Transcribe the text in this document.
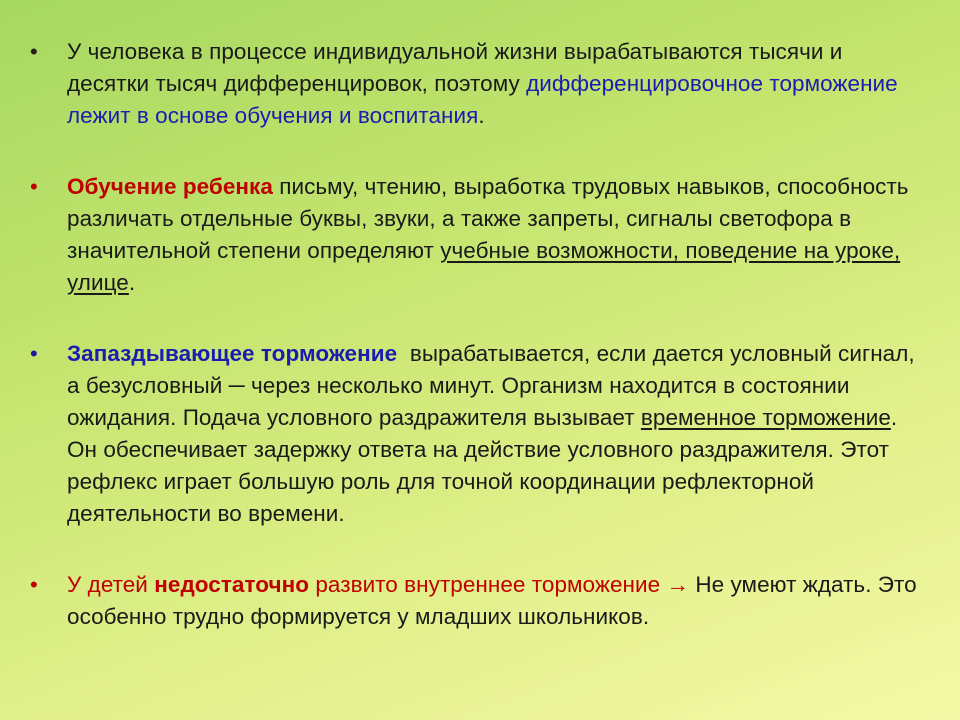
• У человека в процессе индивидуальной жизни вырабатываются тысячи и десятки тысяч дифференцировок, поэтому дифференцировочное торможение лежит в основе обучения и воспитания.
• Обучение ребенка письму, чтению, выработка трудовых навыков, способность различать отдельные буквы, звуки, а также запреты, сигналы светофора в значительной степени определяют учебные возможности, поведение на уроке, улице.
• Запаздывающее торможение  вырабатывается, если дается условный сигнал, а безусловный ─ через несколько минут. Организм находится в состоянии ожидания. Подача условного раздражителя вызывает временное торможение. Он обеспечивает задержку ответа на действие условного раздражителя. Этот рефлекс играет большую роль для точной координации рефлекторной деятельности во времени.
• У детей недостаточно развито внутреннее торможение → Не умеют ждать. Это особенно трудно формируется у младших школьников.
